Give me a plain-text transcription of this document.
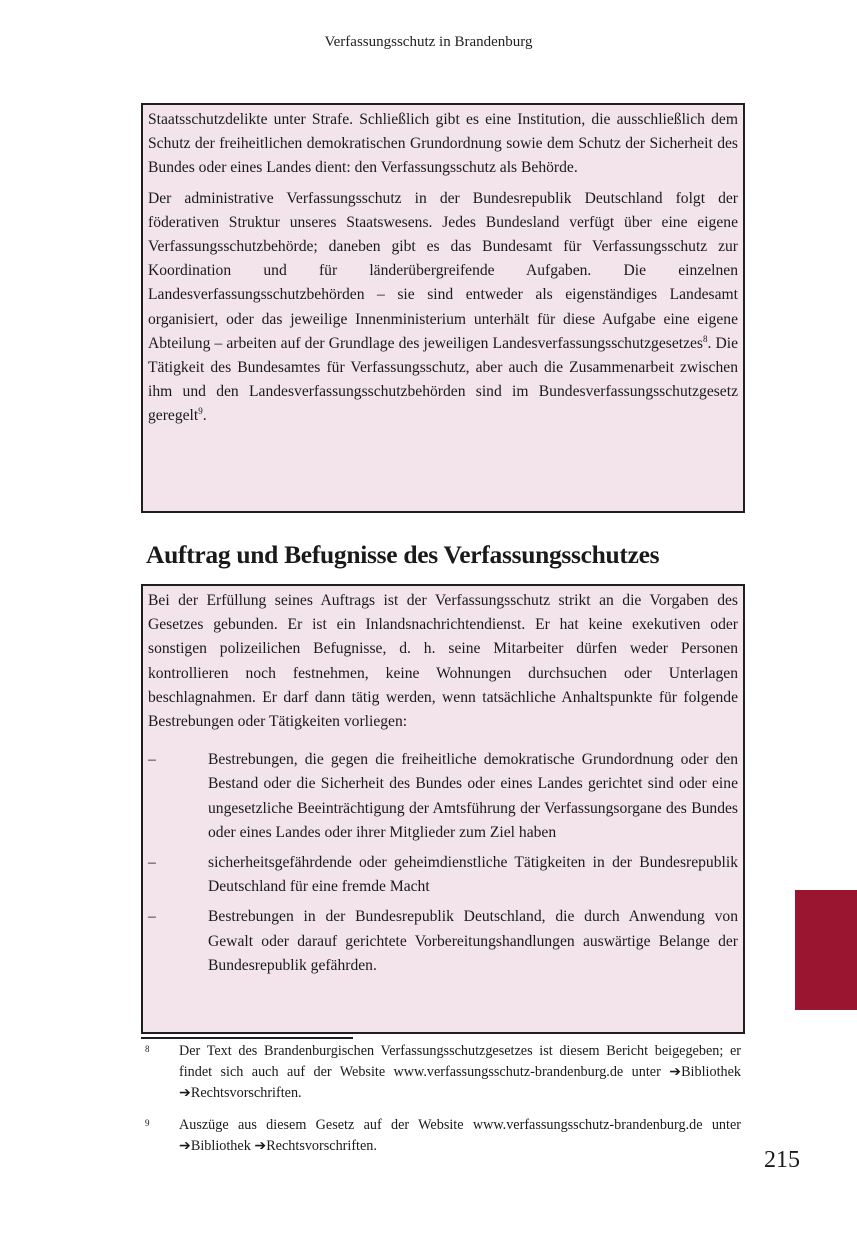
Verfassungsschutz in Brandenburg

Staatsschutzdelikte unter Strafe. Schließlich gibt es eine Institution, die ausschließlich dem Schutz der freiheitlichen demokratischen Grundordnung sowie dem Schutz der Sicherheit des Bundes oder eines Landes dient: den Verfassungsschutz als Behörde.

Der administrative Verfassungsschutz in der Bundesrepublik Deutschland folgt der föderativen Struktur unseres Staatswesens. Jedes Bundesland verfügt über eine eigene Verfassungsschutzbehörde; daneben gibt es das Bundesamt für Verfassungsschutz zur Koordination und für länderübergreifende Aufgaben. Die einzelnen Landesverfassungsschutzbehörden – sie sind entweder als eigenständiges Landesamt organisiert, oder das jeweilige Innenministerium unterhält für diese Aufgabe eine eigene Abteilung – arbeiten auf der Grundlage des jeweiligen Landesverfassungsschutzgesetzes$^8$. Die Tätigkeit des Bundesamtes für Verfassungsschutz, aber auch die Zusammenarbeit zwischen ihm und den Landesverfassungsschutzbehörden sind im Bundesverfassungsschutzgesetz geregelt$^9$.

Auftrag und Befugnisse des Verfassungsschutzes

Bei der Erfüllung seines Auftrags ist der Verfassungsschutz strikt an die Vorgaben des Gesetzes gebunden. Er ist ein Inlandsnachrichtendienst. Er hat keine exekutiven oder sonstigen polizeilichen Befugnisse, d. h. seine Mitarbeiter dürfen weder Personen kontrollieren noch festnehmen, keine Wohnungen durchsuchen oder Unterlagen beschlagnahmen. Er darf dann tätig werden, wenn tatsächliche Anhaltspunkte für folgende Bestrebungen oder Tätigkeiten vorliegen:

–	Bestrebungen, die gegen die freiheitliche demokratische Grundordnung oder den Bestand oder die Sicherheit des Bundes oder eines Landes gerichtet sind oder eine ungesetzliche Beeinträchtigung der Amtsführung der Verfassungsorgane des Bundes oder eines Landes oder ihrer Mitglieder zum Ziel haben
–	sicherheitsgefährdende oder geheimdienstliche Tätigkeiten in der Bundesrepublik Deutschland für eine fremde Macht
–	Bestrebungen in der Bundesrepublik Deutschland, die durch Anwendung von Gewalt oder darauf gerichtete Vorbereitungshandlungen auswärtige Belange der Bundesrepublik gefährden.
8	Der Text des Brandenburgischen Verfassungsschutzgesetzes ist diesem Bericht beigegeben; er findet sich auch auf der Website www.verfassungsschutz-brandenburg.de unter ➔Bibliothek ➔Rechtsvorschriften.
9	Auszüge aus diesem Gesetz auf der Website www.verfassungsschutz-brandenburg.de unter ➔Bibliothek ➔Rechtsvorschriften.
215
